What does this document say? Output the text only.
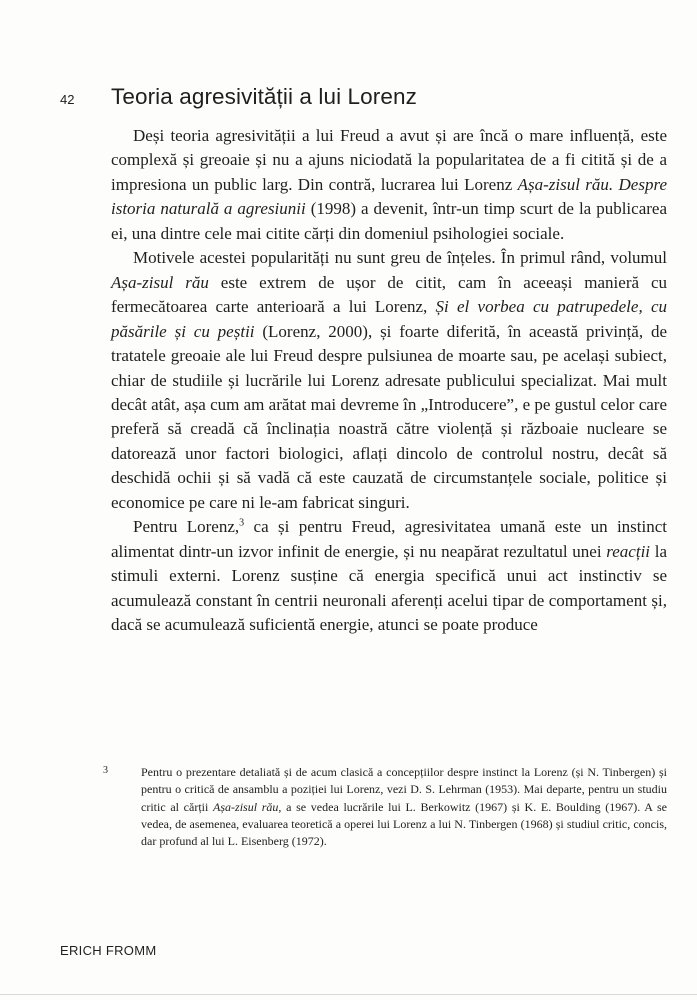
42 Teoria agresivității a lui Lorenz

Deși teoria agresivității a lui Freud a avut și are încă o mare influență, este complexă și greoaie și nu a ajuns niciodată la popularitatea de a fi citită și de a impresiona un public larg. Din contră, lucrarea lui Lorenz Așa-zisul rău. Despre istoria naturală a agresiunii (1998) a devenit, într-un timp scurt de la publicarea ei, una dintre cele mai citite cărți din domeniul psihologiei sociale.

Motivele acestei popularități nu sunt greu de înțeles. În primul rând, volumul Așa-zisul rău este extrem de ușor de citit, cam în aceeași manieră cu fermecătoarea carte anterioară a lui Lorenz, Și el vorbea cu patrupedele, cu păsările și cu peștii (Lorenz, 2000), și foarte diferită, în această privință, de tratatele greoaie ale lui Freud despre pulsiunea de moarte sau, pe același subiect, chiar de studiile și lucrările lui Lorenz adresate publicului specializat. Mai mult decât atât, așa cum am arătat mai devreme în „Introducere”, e pe gustul celor care preferă să creadă că înclinația noastră către violență și războaie nucleare se datorează unor factori biologici, aflați dincolo de controlul nostru, decât să deschidă ochii și să vadă că este cauzată de circumstanțele sociale, politice și economice pe care ni le-am fabricat singuri.

Pentru Lorenz,$^3$ ca și pentru Freud, agresivitatea umană este un instinct alimentat dintr-un izvor infinit de energie, și nu neapărat rezultatul unei reacții la stimuli externi. Lorenz susține că energia specifică unui act instinctiv se acumulează constant în centrii neuronali aferenți acelui tipar de comportament și, dacă se acumulează suficientă energie, atunci se poate produce

3	Pentru o prezentare detaliată și de acum clasică a concepțiilor despre instinct la Lorenz (și N. Tinbergen) și pentru o critică de ansamblu a poziției lui Lorenz, vezi D. S. Lehrman (1953). Mai departe, pentru un studiu critic al cărții Așa-zisul rău, a se vedea lucrările lui L. Berkowitz (1967) și K. E. Boulding (1967). A se vedea, de asemenea, evaluarea teoretică a operei lui Lorenz a lui N. Tinbergen (1968) și studiul critic, concis, dar profund al lui L. Eisenberg (1972).

ERICH FROMM
